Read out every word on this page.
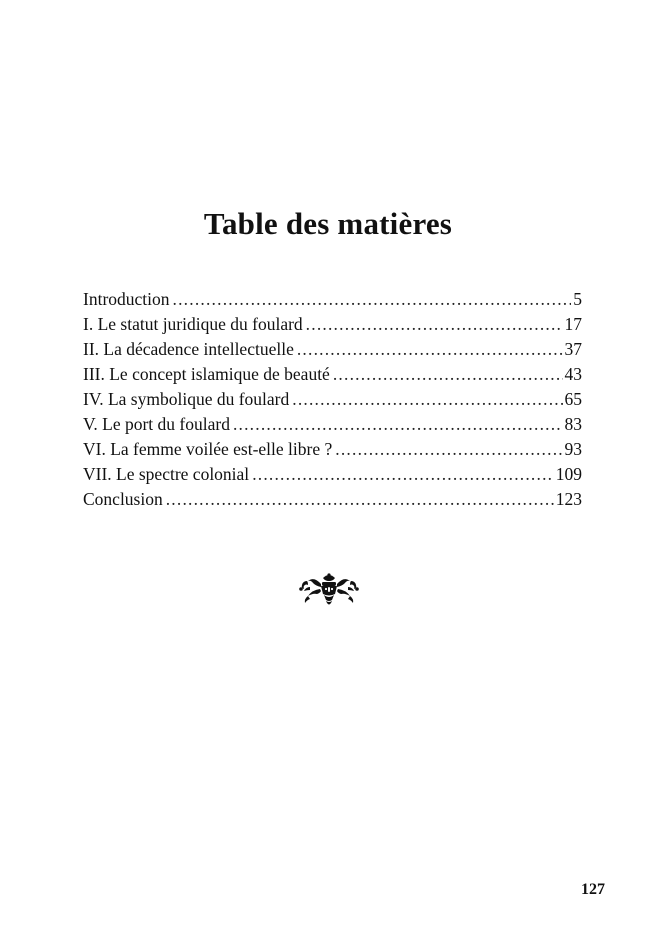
Table des matières
Introduction .....	5
I. Le statut juridique du foulard .....	17
II. La décadence intellectuelle .....	37
III. Le concept islamique de beauté .....	43
IV. La symbolique du foulard .....	65
V. Le port du foulard .....	83
VI. La femme voilée est-elle libre ? .....	93
VII. Le spectre colonial .....	109
Conclusion .....	123
127
